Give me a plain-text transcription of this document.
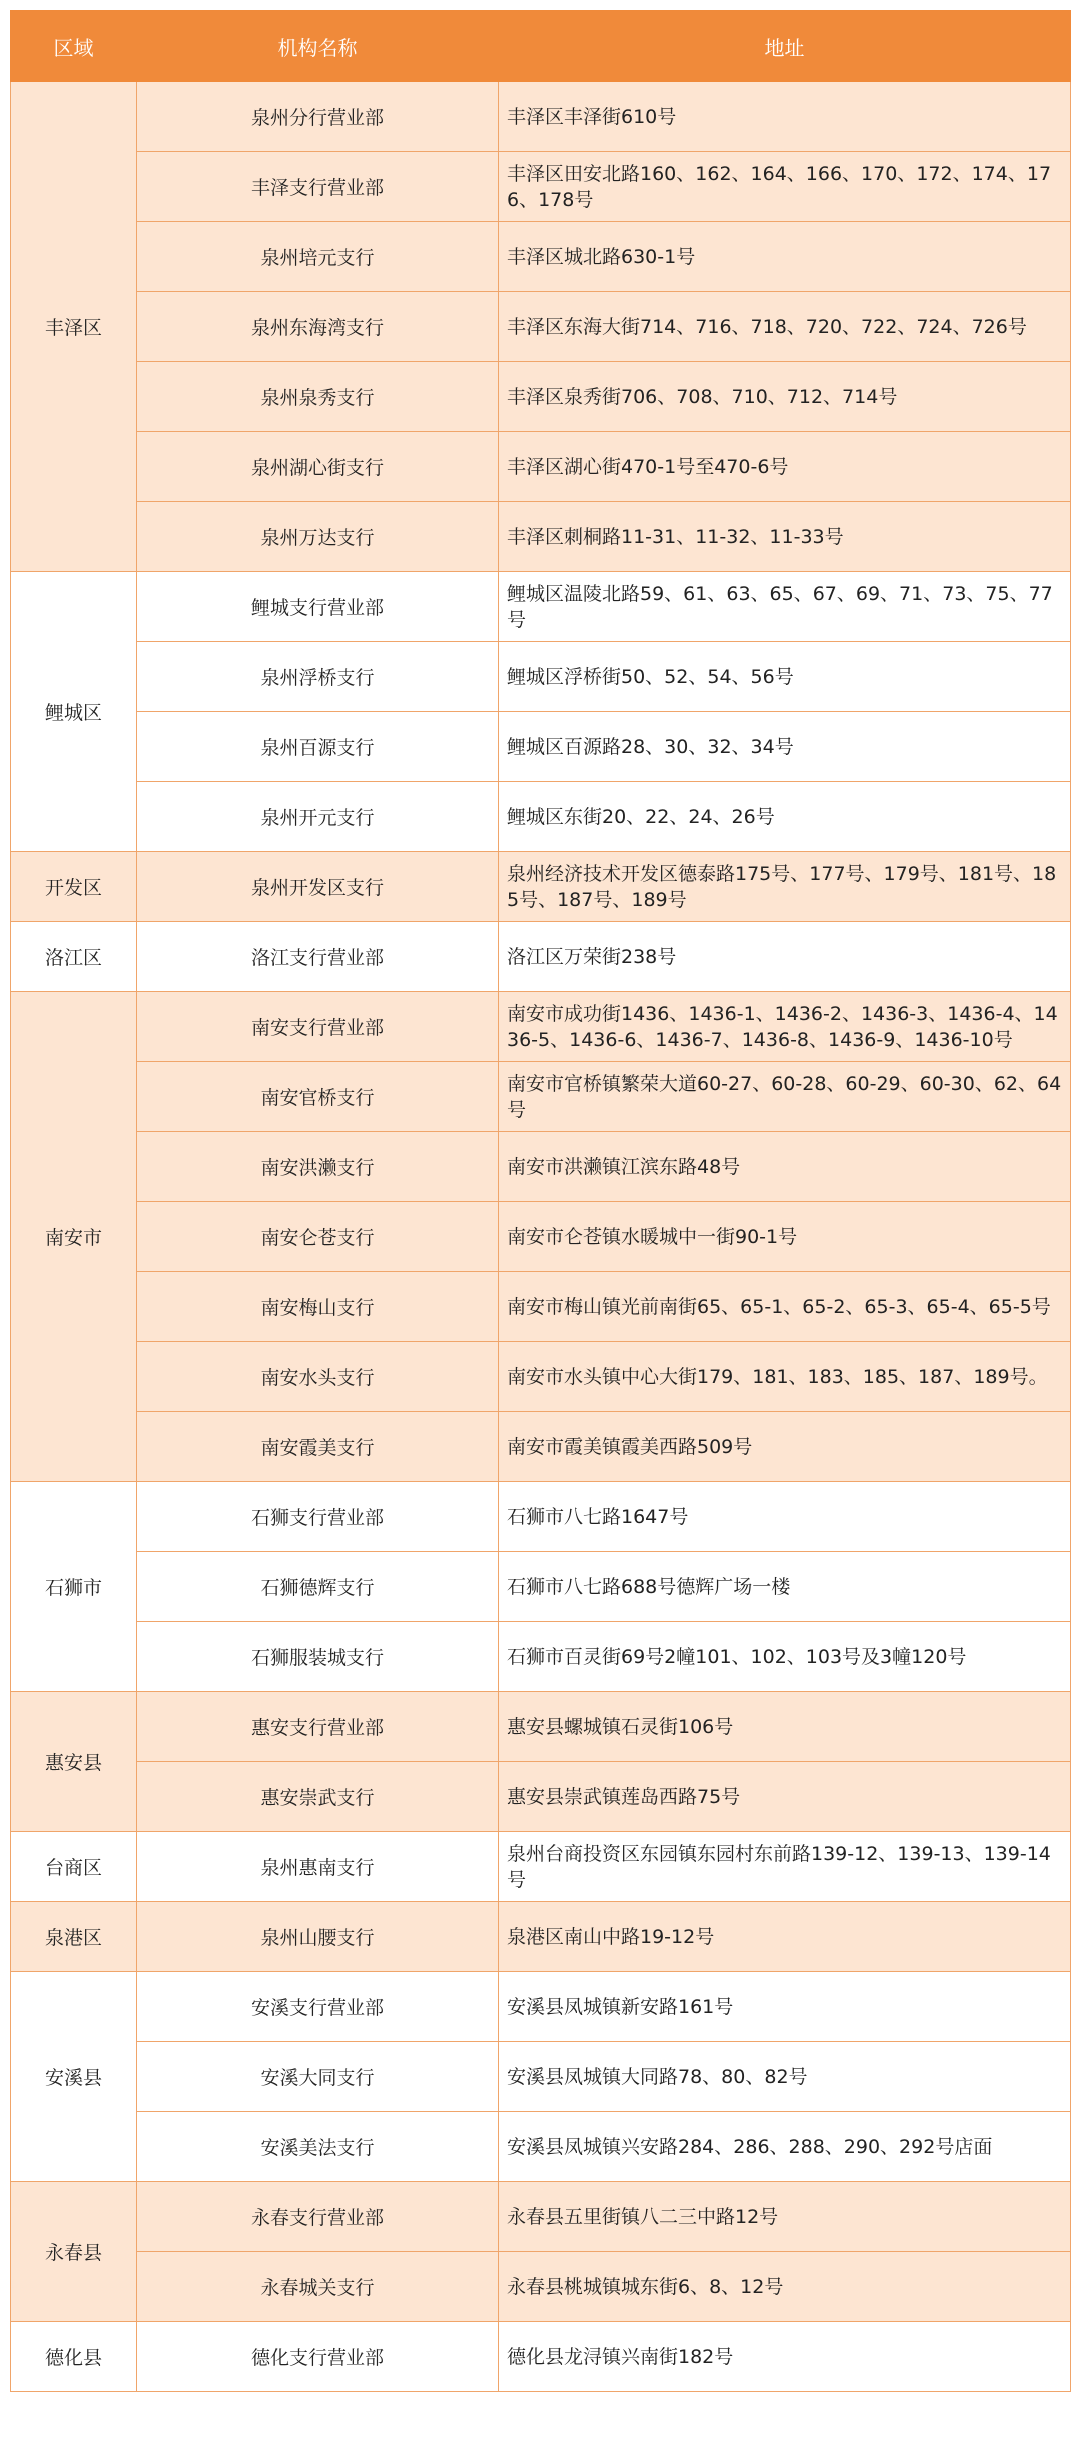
区域	机构名称	地址
丰泽区	泉州分行营业部	丰泽区丰泽街610号
	丰泽支行营业部	丰泽区田安北路160、162、164、166、170、172、174、176、178号
	泉州培元支行	丰泽区城北路630-1号
	泉州东海湾支行	丰泽区东海大街714、716、718、720、722、724、726号
	泉州泉秀支行	丰泽区泉秀街706、708、710、712、714号
	泉州湖心街支行	丰泽区湖心街470-1号至470-6号
	泉州万达支行	丰泽区刺桐路11-31、11-32、11-33号
鲤城区	鲤城支行营业部	鲤城区温陵北路59、61、63、65、67、69、71、73、75、77号
	泉州浮桥支行	鲤城区浮桥街50、52、54、56号
	泉州百源支行	鲤城区百源路28、30、32、34号
	泉州开元支行	鲤城区东街20、22、24、26号
开发区	泉州开发区支行	泉州经济技术开发区德泰路175号、177号、179号、181号、185号、187号、189号
洛江区	洛江支行营业部	洛江区万荣街238号
南安市	南安支行营业部	南安市成功街1436、1436-1、1436-2、1436-3、1436-4、1436-5、1436-6、1436-7、1436-8、1436-9、1436-10号
	南安官桥支行	南安市官桥镇繁荣大道60-27、60-28、60-29、60-30、62、64号
	南安洪濑支行	南安市洪濑镇江滨东路48号
	南安仑苍支行	南安市仑苍镇水暖城中一街90-1号
	南安梅山支行	南安市梅山镇光前南街65、65-1、65-2、65-3、65-4、65-5号
	南安水头支行	南安市水头镇中心大街179、181、183、185、187、189号。
	南安霞美支行	南安市霞美镇霞美西路509号
石狮市	石狮支行营业部	石狮市八七路1647号
	石狮德辉支行	石狮市八七路688号德辉广场一楼
	石狮服装城支行	石狮市百灵街69号2幢101、102、103号及3幢120号
惠安县	惠安支行营业部	惠安县螺城镇石灵街106号
	惠安崇武支行	惠安县崇武镇莲岛西路75号
台商区	泉州惠南支行	泉州台商投资区东园镇东园村东前路139-12、139-13、139-14号
泉港区	泉州山腰支行	泉港区南山中路19-12号
安溪县	安溪支行营业部	安溪县凤城镇新安路161号
	安溪大同支行	安溪县凤城镇大同路78、80、82号
	安溪美法支行	安溪县凤城镇兴安路284、286、288、290、292号店面
永春县	永春支行营业部	永春县五里街镇八二三中路12号
	永春城关支行	永春县桃城镇城东街6、8、12号
德化县	德化支行营业部	德化县龙浔镇兴南街182号
